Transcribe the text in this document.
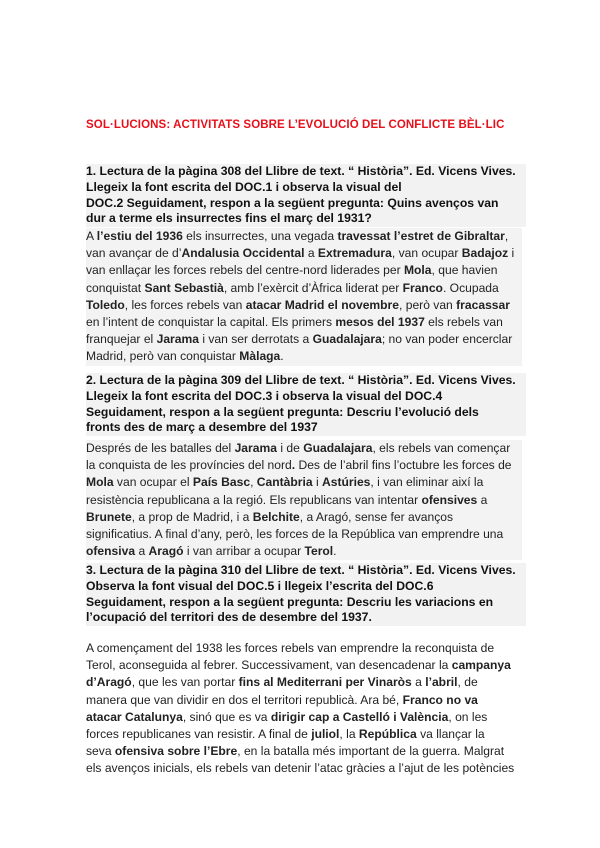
SOL·LUCIONS: ACTIVITATS SOBRE L’EVOLUCIÓ DEL CONFLICTE BÈL·LIC
1. Lectura de la pàgina 308 del Llibre de text. “ Història”. Ed. Vicens Vives.
Llegeix la font escrita del DOC.1 i observa la visual del
DOC.2 Seguidament, respon a la següent pregunta: Quins avenços van
dur a terme els insurrectes fins el març del 1931?
A l’estiu del 1936 els insurrectes, una vegada travessat l’estret de Gibraltar,
van avançar de d’Andalusia Occidental a Extremadura, van ocupar Badajoz i
van enllaçar les forces rebels del centre-nord liderades per Mola, que havien
conquistat Sant Sebastià, amb l’exèrcit d’Àfrica liderat per Franco. Ocupada
Toledo, les forces rebels van atacar Madrid el novembre, però van fracassar
en l’intent de conquistar la capital. Els primers mesos del 1937 els rebels van
franquejar el Jarama i van ser derrotats a Guadalajara; no van poder encerclar
Madrid, però van conquistar Màlaga.
2. Lectura de la pàgina 309 del Llibre de text. “ Història”. Ed. Vicens Vives.
Llegeix la font escrita del DOC.3 i observa la visual del DOC.4
Seguidament, respon a la següent pregunta: Descriu l’evolució dels
fronts des de març a desembre del 1937
Després de les batalles del Jarama i de Guadalajara, els rebels van començar
la conquista de les províncies del nord. Des de l’abril fins l’octubre les forces de
Mola van ocupar el País Basc, Cantàbria i Astúries, i van eliminar així la
resistència republicana a la regió. Els republicans van intentar ofensives a
Brunete, a prop de Madrid, i a Belchite, a Aragó, sense fer avanços
significatius. A final d’any, però, les forces de la República van emprendre una
ofensiva a Aragó i van arribar a ocupar Terol.
3. Lectura de la pàgina 310 del Llibre de text. “ Història”. Ed. Vicens Vives.
Observa la font visual del DOC.5 i llegeix l’escrita del DOC.6
Seguidament, respon a la següent pregunta: Descriu les variacions en
l’ocupació del territori des de desembre del 1937.
A començament del 1938 les forces rebels van emprendre la reconquista de
Terol, aconseguida al febrer. Successivament, van desencadenar la campanya
d’Aragó, que les van portar fins al Mediterrani per Vinaròs a l’abril, de
manera que van dividir en dos el territori republicà. Ara bé, Franco no va
atacar Catalunya, sinó que es va dirigir cap a Castelló i València, on les
forces republicanes van resistir. A final de juliol, la República va llançar la
seva ofensiva sobre l’Ebre, en la batalla més important de la guerra. Malgrat
els avenços inicials, els rebels van detenir l’atac gràcies a l’ajut de les potències
